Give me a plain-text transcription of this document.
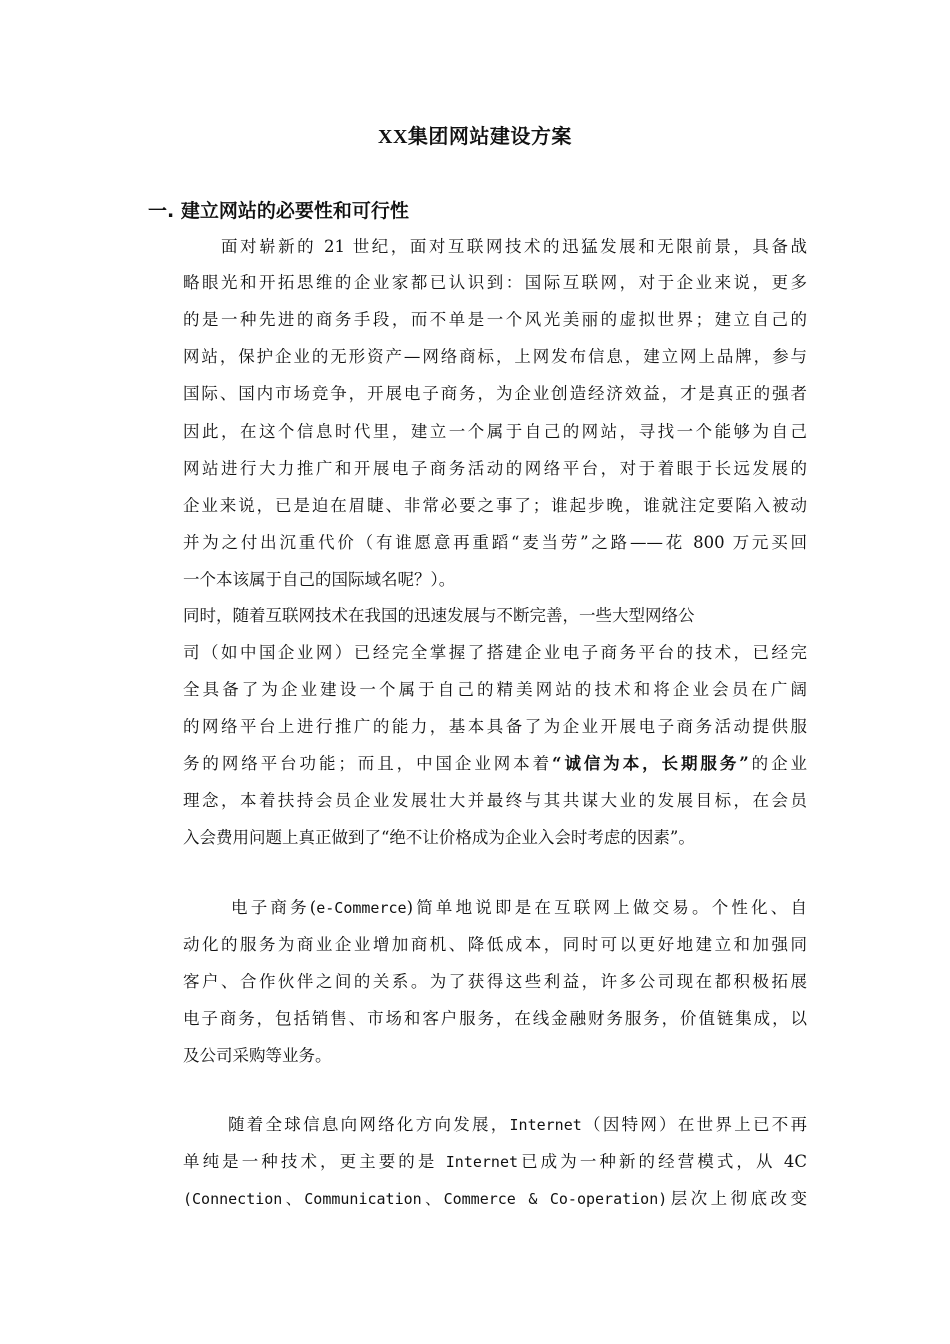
XX集团网站建设方案
一. 建立网站的必要性和可行性
面对崭新的 21 世纪，面对互联网技术的迅猛发展和无限前景，具备战
略眼光和开拓思维的企业家都已认识到：国际互联网，对于企业来说，更多
的是一种先进的商务手段，而不单是一个风光美丽的虚拟世界；建立自己的
网站，保护企业的无形资产—网络商标，上网发布信息，建立网上品牌，参与
国际、国内市场竞争，开展电子商务，为企业创造经济效益，才是真正的强者
因此，在这个信息时代里，建立一个属于自己的网站，寻找一个能够为自己
网站进行大力推广和开展电子商务活动的网络平台，对于着眼于长远发展的
企业来说，已是迫在眉睫、非常必要之事了；谁起步晚，谁就注定要陷入被动
并为之付出沉重代价（有谁愿意再重蹈“麦当劳”之路——花 800 万元买回
一个本该属于自己的国际域名呢？）。
同时，随着互联网技术在我国的迅速发展与不断完善，一些大型网络公
司（如中国企业网）已经完全掌握了搭建企业电子商务平台的技术，已经完
全具备了为企业建设一个属于自己的精美网站的技术和将企业会员在广阔
的网络平台上进行推广的能力，基本具备了为企业开展电子商务活动提供服
务的网络平台功能；而且，中国企业网本着“诚信为本，长期服务”的企业
理念，本着扶持会员企业发展壮大并最终与其共谋大业的发展目标，在会员
入会费用问题上真正做到了“绝不让价格成为企业入会时考虑的因素”。
电子商务(e-Commerce)简单地说即是在互联网上做交易。个性化、自
动化的服务为商业企业增加商机、降低成本，同时可以更好地建立和加强同
客户、合作伙伴之间的关系。为了获得这些利益，许多公司现在都积极拓展
电子商务，包括销售、市场和客户服务，在线金融财务服务，价值链集成，以
及公司采购等业务。
随着全球信息向网络化方向发展，Internet（因特网）在世界上已不再
单纯是一种技术，更主要的是 Internet已成为一种新的经营模式，从 4C
(Connection、Communication、Commerce & Co-operation)层次上彻底改变
